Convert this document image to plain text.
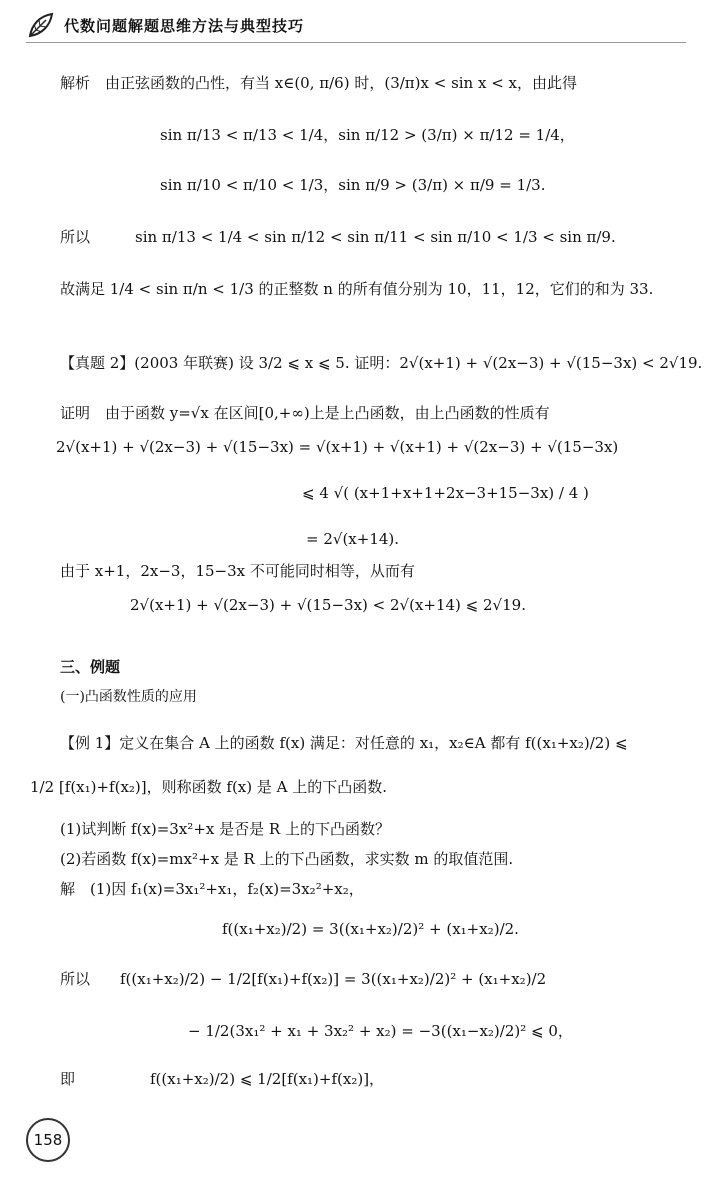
代数问题解题思维方法与典型技巧
解析　由正弦函数的凸性，有当 x∈(0, π/6) 时，(3/π)x < sin x < x，由此得
sin π/13 < π/13 < 1/4，sin π/12 > (3/π) × π/12 = 1/4，
sin π/10 < π/10 < 1/3，sin π/9 > (3/π) × π/9 = 1/3.
所以　　　sin π/13 < 1/4 < sin π/12 < sin π/11 < sin π/10 < 1/3 < sin π/9.
故满足 1/4 < sin π/n < 1/3 的正整数 n 的所有值分别为 10，11，12，它们的和为 33.
【真题 2】(2003 年联赛) 设 3/2 ⩽ x ⩽ 5. 证明：2√(x+1) + √(2x−3) + √(15−3x) < 2√19.
证明　由于函数 y=√x 在区间[0,+∞)上是上凸函数，由上凸函数的性质有
2√(x+1) + √(2x−3) + √(15−3x) = √(x+1) + √(x+1) + √(2x−3) + √(15−3x)
⩽ 4 √( (x+1+x+1+2x−3+15−3x) / 4 )
= 2√(x+14).
由于 x+1，2x−3，15−3x 不可能同时相等，从而有
2√(x+1) + √(2x−3) + √(15−3x) < 2√(x+14) ⩽ 2√19.
三、例题
(一)凸函数性质的应用
【例 1】定义在集合 A 上的函数 f(x) 满足：对任意的 x₁，x₂∈A 都有 f((x₁+x₂)/2) ⩽
1/2 [f(x₁)+f(x₂)]，则称函数 f(x) 是 A 上的下凸函数.
(1)试判断 f(x)=3x²+x 是否是 R 上的下凸函数？
(2)若函数 f(x)=mx²+x 是 R 上的下凸函数，求实数 m 的取值范围.
解　(1)因 f₁(x)=3x₁²+x₁，f₂(x)=3x₂²+x₂，
f((x₁+x₂)/2) = 3((x₁+x₂)/2)² + (x₁+x₂)/2.
所以　　f((x₁+x₂)/2) − 1/2[f(x₁)+f(x₂)] = 3((x₁+x₂)/2)² + (x₁+x₂)/2
− 1/2(3x₁² + x₁ + 3x₂² + x₂) = −3((x₁−x₂)/2)² ⩽ 0，
即　　　　　f((x₁+x₂)/2) ⩽ 1/2[f(x₁)+f(x₂)]，
158
